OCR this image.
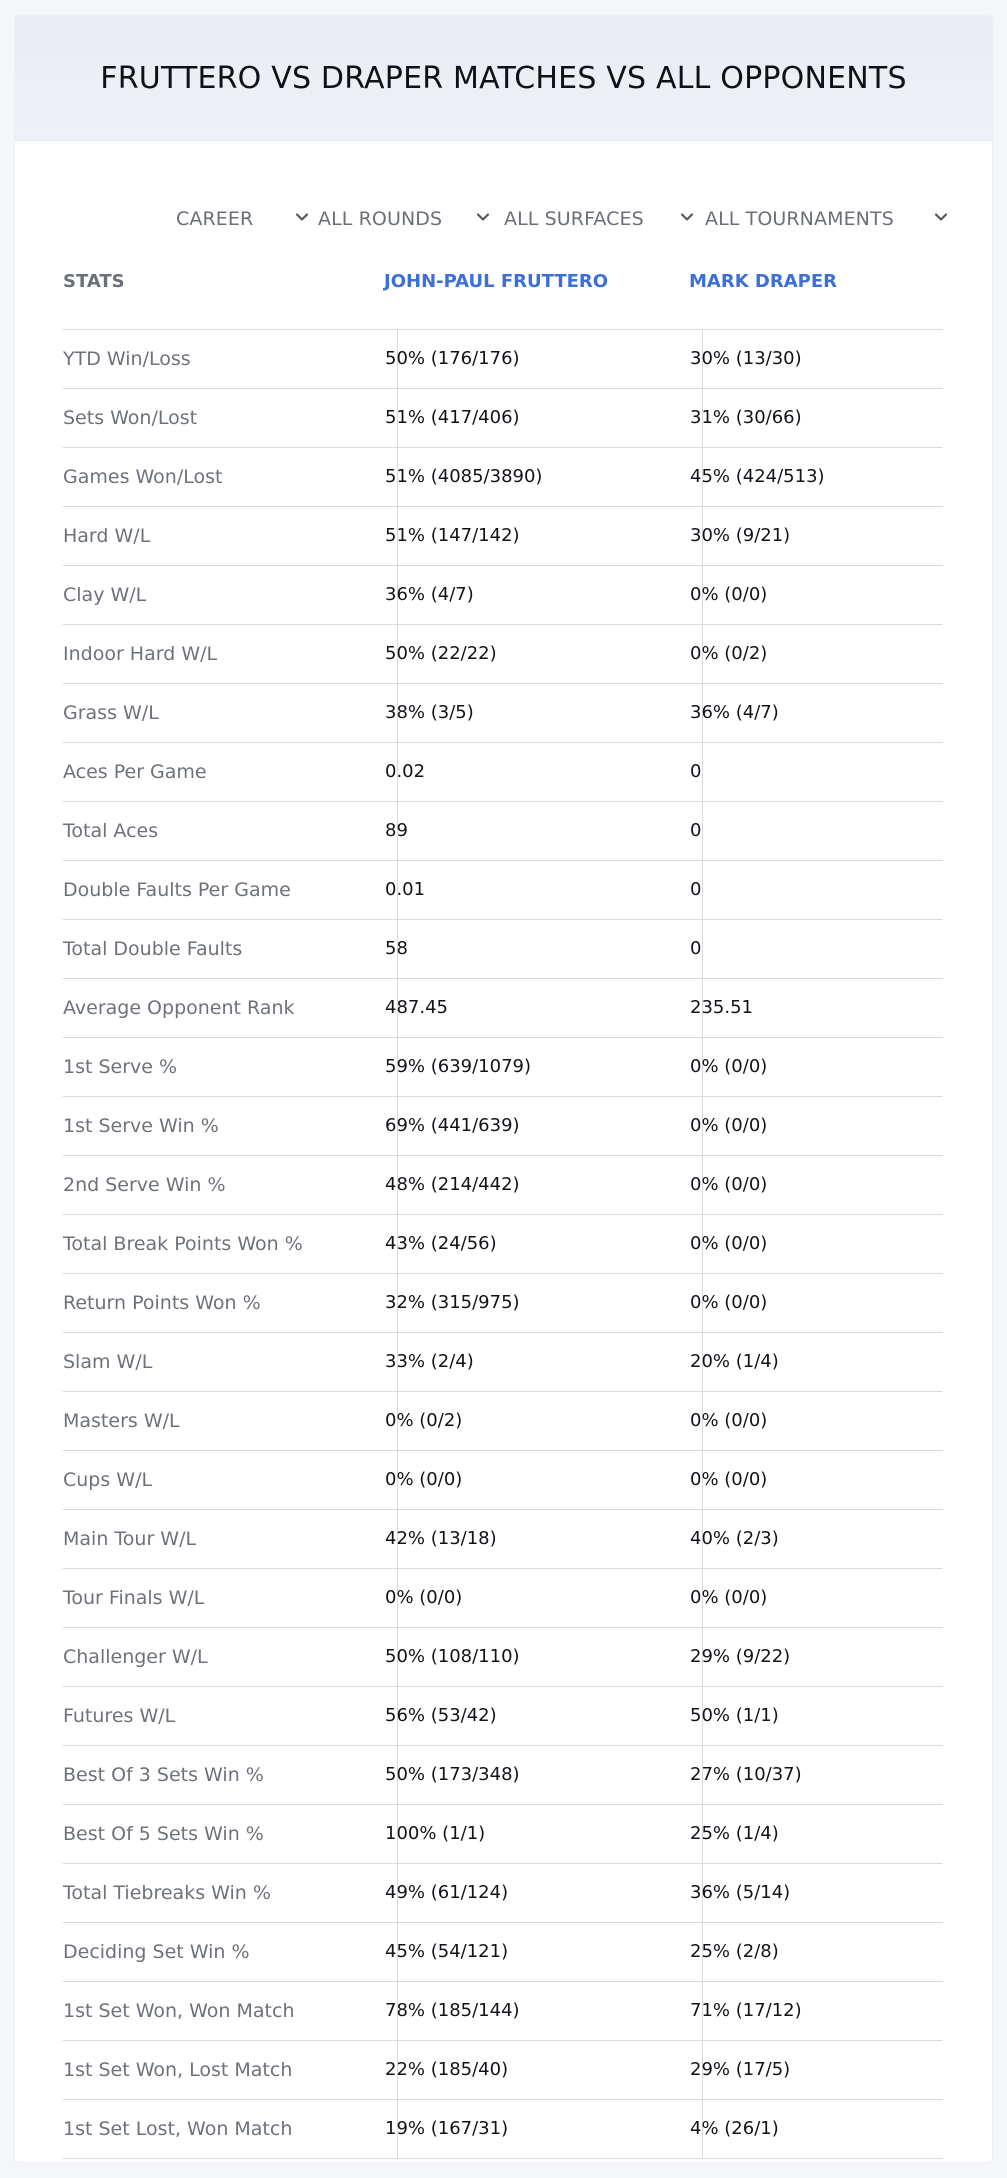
FRUTTERO VS DRAPER MATCHES VS ALL OPPONENTS
CAREER	ALL ROUNDS	ALL SURFACES	ALL TOURNAMENTS
STATS	JOHN-PAUL FRUTTERO	MARK DRAPER
YTD Win/Loss	50% (176/176)	30% (13/30)
Sets Won/Lost	51% (417/406)	31% (30/66)
Games Won/Lost	51% (4085/3890)	45% (424/513)
Hard W/L	51% (147/142)	30% (9/21)
Clay W/L	36% (4/7)	0% (0/0)
Indoor Hard W/L	50% (22/22)	0% (0/2)
Grass W/L	38% (3/5)	36% (4/7)
Aces Per Game	0.02	0
Total Aces	89	0
Double Faults Per Game	0.01	0
Total Double Faults	58	0
Average Opponent Rank	487.45	235.51
1st Serve %	59% (639/1079)	0% (0/0)
1st Serve Win %	69% (441/639)	0% (0/0)
2nd Serve Win %	48% (214/442)	0% (0/0)
Total Break Points Won %	43% (24/56)	0% (0/0)
Return Points Won %	32% (315/975)	0% (0/0)
Slam W/L	33% (2/4)	20% (1/4)
Masters W/L	0% (0/2)	0% (0/0)
Cups W/L	0% (0/0)	0% (0/0)
Main Tour W/L	42% (13/18)	40% (2/3)
Tour Finals W/L	0% (0/0)	0% (0/0)
Challenger W/L	50% (108/110)	29% (9/22)
Futures W/L	56% (53/42)	50% (1/1)
Best Of 3 Sets Win %	50% (173/348)	27% (10/37)
Best Of 5 Sets Win %	100% (1/1)	25% (1/4)
Total Tiebreaks Win %	49% (61/124)	36% (5/14)
Deciding Set Win %	45% (54/121)	25% (2/8)
1st Set Won, Won Match	78% (185/144)	71% (17/12)
1st Set Won, Lost Match	22% (185/40)	29% (17/5)
1st Set Lost, Won Match	19% (167/31)	4% (26/1)
